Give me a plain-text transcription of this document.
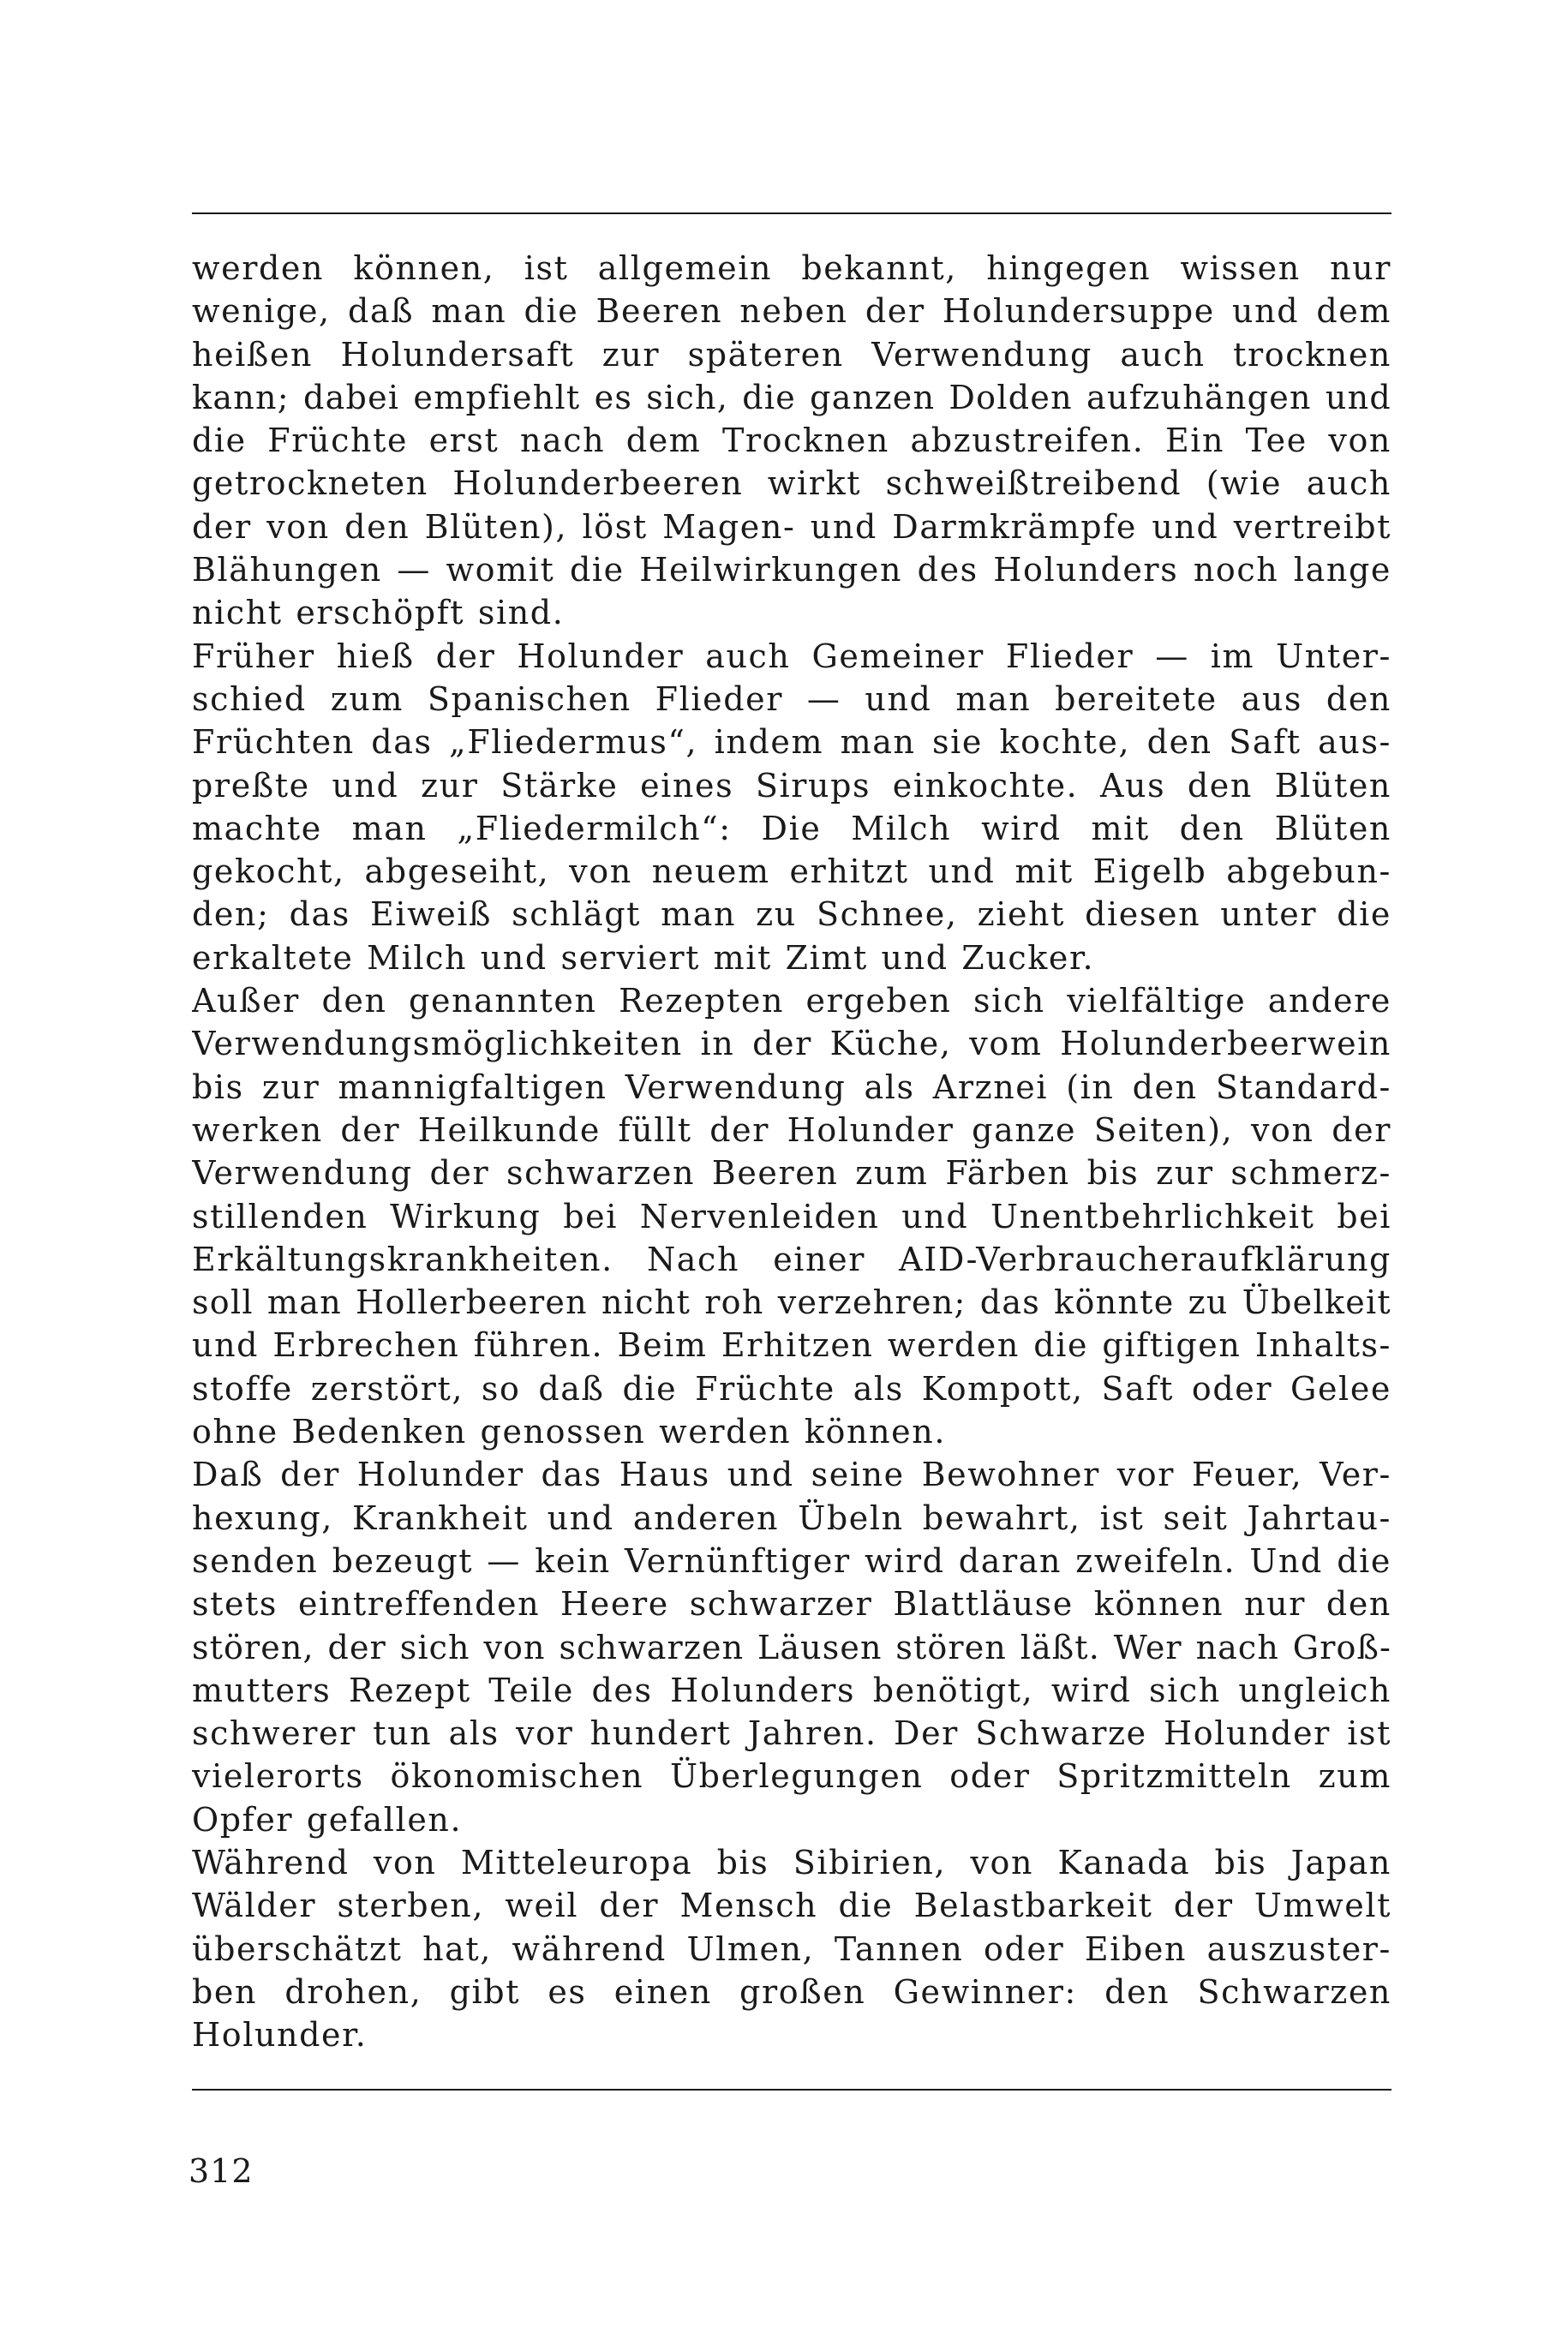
werden können, ist allgemein bekannt, hingegen wissen nur
wenige, daß man die Beeren neben der Holundersuppe und dem
heißen Holundersaft zur späteren Verwendung auch trocknen
kann; dabei empfiehlt es sich, die ganzen Dolden aufzuhängen und
die Früchte erst nach dem Trocknen abzustreifen. Ein Tee von
getrockneten Holunderbeeren wirkt schweißtreibend (wie auch
der von den Blüten), löst Magen- und Darmkrämpfe und vertreibt
Blähungen — womit die Heilwirkungen des Holunders noch lange
nicht erschöpft sind.
Früher hieß der Holunder auch Gemeiner Flieder — im Unter-
schied zum Spanischen Flieder — und man bereitete aus den
Früchten das „Fliedermus“, indem man sie kochte, den Saft aus-
preßte und zur Stärke eines Sirups einkochte. Aus den Blüten
machte man „Fliedermilch“: Die Milch wird mit den Blüten
gekocht, abgeseiht, von neuem erhitzt und mit Eigelb abgebun-
den; das Eiweiß schlägt man zu Schnee, zieht diesen unter die
erkaltete Milch und serviert mit Zimt und Zucker.
Außer den genannten Rezepten ergeben sich vielfältige andere
Verwendungsmöglichkeiten in der Küche, vom Holunderbeerwein
bis zur mannigfaltigen Verwendung als Arznei (in den Standard-
werken der Heilkunde füllt der Holunder ganze Seiten), von der
Verwendung der schwarzen Beeren zum Färben bis zur schmerz-
stillenden Wirkung bei Nervenleiden und Unentbehrlichkeit bei
Erkältungskrankheiten. Nach einer AID-Verbraucheraufklärung
soll man Hollerbeeren nicht roh verzehren; das könnte zu Übelkeit
und Erbrechen führen. Beim Erhitzen werden die giftigen Inhalts-
stoffe zerstört, so daß die Früchte als Kompott, Saft oder Gelee
ohne Bedenken genossen werden können.
Daß der Holunder das Haus und seine Bewohner vor Feuer, Ver-
hexung, Krankheit und anderen Übeln bewahrt, ist seit Jahrtau-
senden bezeugt — kein Vernünftiger wird daran zweifeln. Und die
stets eintreffenden Heere schwarzer Blattläuse können nur den
stören, der sich von schwarzen Läusen stören läßt. Wer nach Groß-
mutters Rezept Teile des Holunders benötigt, wird sich ungleich
schwerer tun als vor hundert Jahren. Der Schwarze Holunder ist
vielerorts ökonomischen Überlegungen oder Spritzmitteln zum
Opfer gefallen.
Während von Mitteleuropa bis Sibirien, von Kanada bis Japan
Wälder sterben, weil der Mensch die Belastbarkeit der Umwelt
überschätzt hat, während Ulmen, Tannen oder Eiben auszuster-
ben drohen, gibt es einen großen Gewinner: den Schwarzen
Holunder.
312
